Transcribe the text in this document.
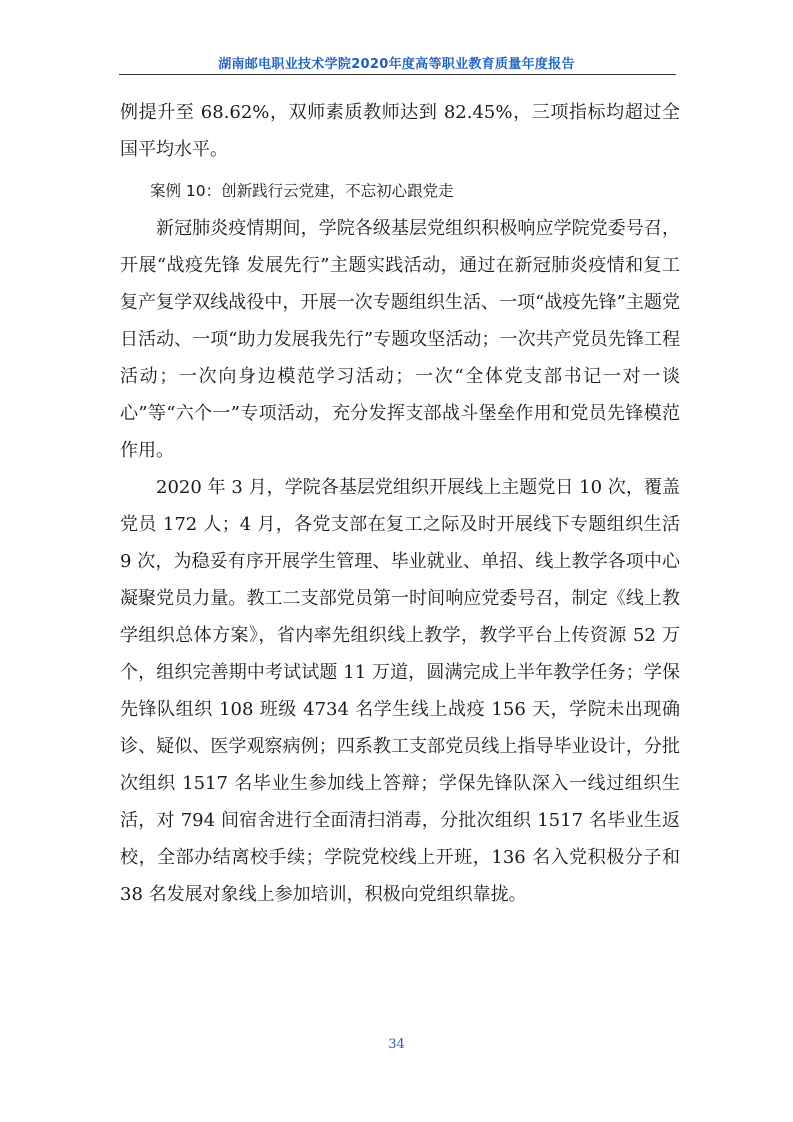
湖南邮电职业技术学院2020年度高等职业教育质量年度报告

例提升至 68.62%，双师素质教师达到 82.45%，三项指标均超过全国平均水平。

案例 10：创新践行云党建，不忘初心跟党走

新冠肺炎疫情期间，学院各级基层党组织积极响应学院党委号召，开展“战疫先锋 发展先行”主题实践活动，通过在新冠肺炎疫情和复工复产复学双线战役中，开展一次专题组织生活、一项“战疫先锋”主题党日活动、一项“助力发展我先行”专题攻坚活动；一次共产党员先锋工程活动；一次向身边模范学习活动；一次“全体党支部书记一对一谈心”等“六个一”专项活动，充分发挥支部战斗堡垒作用和党员先锋模范作用。

2020 年 3 月，学院各基层党组织开展线上主题党日 10 次，覆盖党员 172 人；4 月，各党支部在复工之际及时开展线下专题组织生活 9 次，为稳妥有序开展学生管理、毕业就业、单招、线上教学各项中心凝聚党员力量。教工二支部党员第一时间响应党委号召，制定《线上教学组织总体方案》，省内率先组织线上教学，教学平台上传资源 52 万个，组织完善期中考试试题 11 万道，圆满完成上半年教学任务；学保先锋队组织 108 班级 4734 名学生线上战疫 156 天，学院未出现确诊、疑似、医学观察病例；四系教工支部党员线上指导毕业设计，分批次组织 1517 名毕业生参加线上答辩；学保先锋队深入一线过组织生活，对 794 间宿舍进行全面清扫消毒，分批次组织 1517 名毕业生返校，全部办结离校手续；学院党校线上开班，136 名入党积极分子和 38 名发展对象线上参加培训，积极向党组织靠拢。

34
